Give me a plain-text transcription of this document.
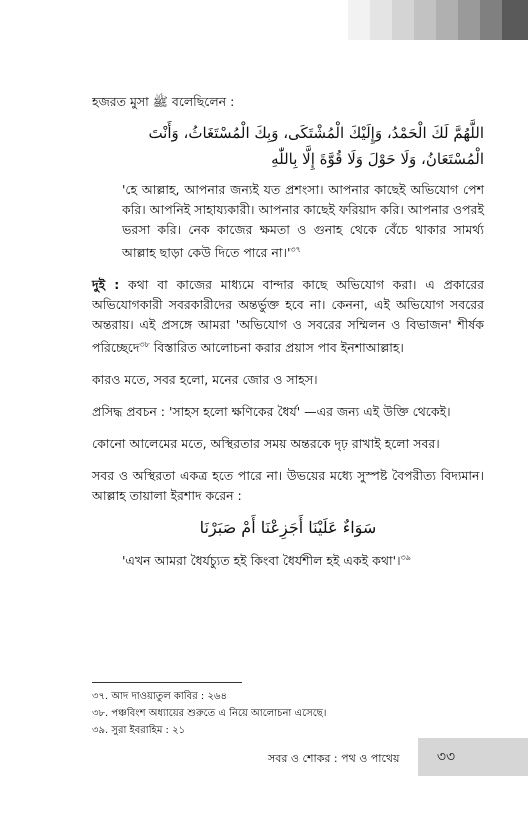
হজরত মুসা ﷺ বলেছিলেন :

اللَّهُمَّ لَكَ الْحَمْدُ، وَإِلَيْكَ الْمُشْتَكَى، وَبِكَ الْمُسْتَغَاثُ، وَأَنْتَ الْمُسْتَعَانُ، وَلَا حَوْلَ وَلَا قُوَّةَ إِلَّا بِاللّٰهِ

'হে আল্লাহ, আপনার জন্যই যত প্রশংসা। আপনার কাছেই অভিযোগ পেশ করি। আপনিই সাহায্যকারী। আপনার কাছেই ফরিয়াদ করি। আপনার ওপরই ভরসা করি। নেক কাজের ক্ষমতা ও গুনাহ থেকে বেঁচে থাকার সামর্থ্য আল্লাহ ছাড়া কেউ দিতে পারে $না।'^{৩৭}$

দুই : কথা বা কাজের মাধ্যমে বান্দার কাছে অভিযোগ করা। এ প্রকারের অভিযোগকারী সবরকারীদের অন্তর্ভুক্ত হবে না। কেননা, এই অভিযোগ সবরের অন্তরায়। এই প্রসঙ্গে আমরা 'অভিযোগ ও সবরের সম্মিলন ও বিভাজন' শীর্ষক পরিচ্ছেদে$^{৩৮}$ বিস্তারিত আলোচনা করার প্রয়াস পাব ইনশাআল্লাহ।

কারও মতে, সবর হলো, মনের জোর ও সাহস।

প্রসিদ্ধ প্রবচন : 'সাহস হলো ক্ষণিকের ধৈর্য' —এর জন্য এই উক্তি থেকেই।

কোনো আলেমের মতে, অস্থিরতার সময় অন্তরকে দৃঢ় রাখাই হলো সবর।

সবর ও অস্থিরতা একত্র হতে পারে না। উভয়ের মধ্যে সুস্পষ্ট বৈপরীত্য বিদ্যমান। আল্লাহ তায়ালা ইরশাদ করেন :

سَوَاءٌ عَلَيْنَا أَجَزِعْنَا أَمْ صَبَرْنَا

'এখন আমরা ধৈর্যচ্যুত হই কিংবা ধৈর্যশীল হই একই কথা'।$^{৩৯}$

৩৭. আদ দাওয়াতুল কাবির : ২৬৪
৩৮. পঞ্চবিংশ অধ্যায়ের শুরুতে এ নিয়ে আলোচনা এসেছে।
৩৯. সুরা ইবরাহিম : ২১
সবর ও শোকর : পথ ও পাথেয়	৩৩
